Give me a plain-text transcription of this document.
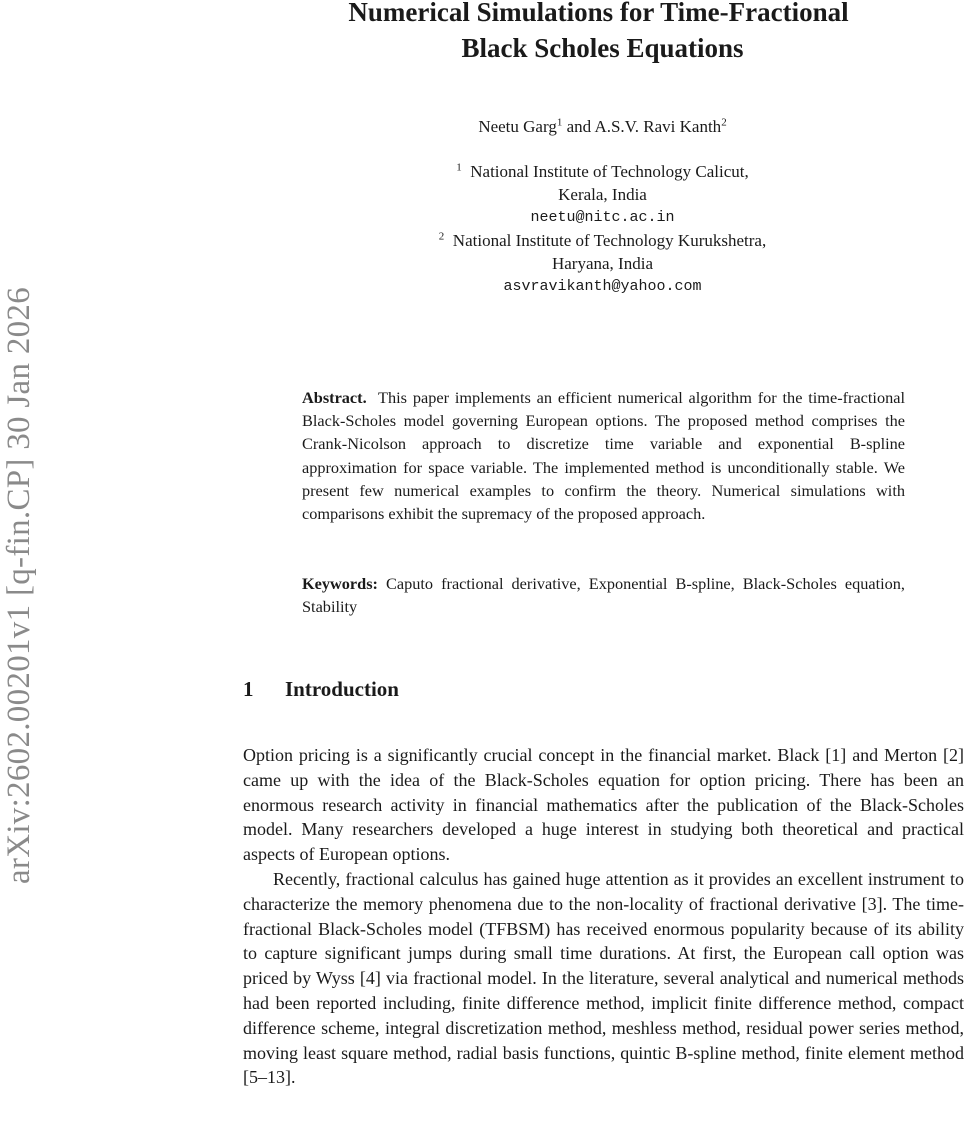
arXiv:2602.00201v1 [q-fin.CP] 30 Jan 2026
Numerical Simulations for Time-Fractional
Black Scholes Equations
Neetu Garg$^1$ and A.S.V. Ravi Kanth$^2$
$^1$ National Institute of Technology Calicut,
Kerala, India
neetu@nitc.ac.in
$^2$ National Institute of Technology Kurukshetra,
Haryana, India
asvravikanth@yahoo.com

Abstract. This paper implements an efficient numerical algorithm for the time-fractional Black-Scholes model governing European options. The proposed method comprises the Crank-Nicolson approach to discretize time variable and exponential B-spline approximation for space variable. The implemented method is unconditionally stable. We present few numerical examples to confirm the theory. Numerical simulations with comparisons exhibit the supremacy of the proposed approach.

Keywords: Caputo fractional derivative, Exponential B-spline, Black-Scholes equation, Stability

1 Introduction

Option pricing is a significantly crucial concept in the financial market. Black [1] and Merton [2] came up with the idea of the Black-Scholes equation for option pricing. There has been an enormous research activity in financial mathematics after the publication of the Black-Scholes model. Many researchers developed a huge interest in studying both theoretical and practical aspects of European options.

Recently, fractional calculus has gained huge attention as it provides an excellent instrument to characterize the memory phenomena due to the non-locality of fractional derivative [3]. The time-fractional Black-Scholes model (TFBSM) has received enormous popularity because of its ability to capture significant jumps during small time durations. At first, the European call option was priced by Wyss [4] via fractional model. In the literature, several analytical and numerical methods had been reported including, finite difference method, implicit finite difference method, compact difference scheme, integral discretization method, meshless method, residual power series method, moving least square method, radial basis functions, quintic B-spline method, finite element method [5–13].
